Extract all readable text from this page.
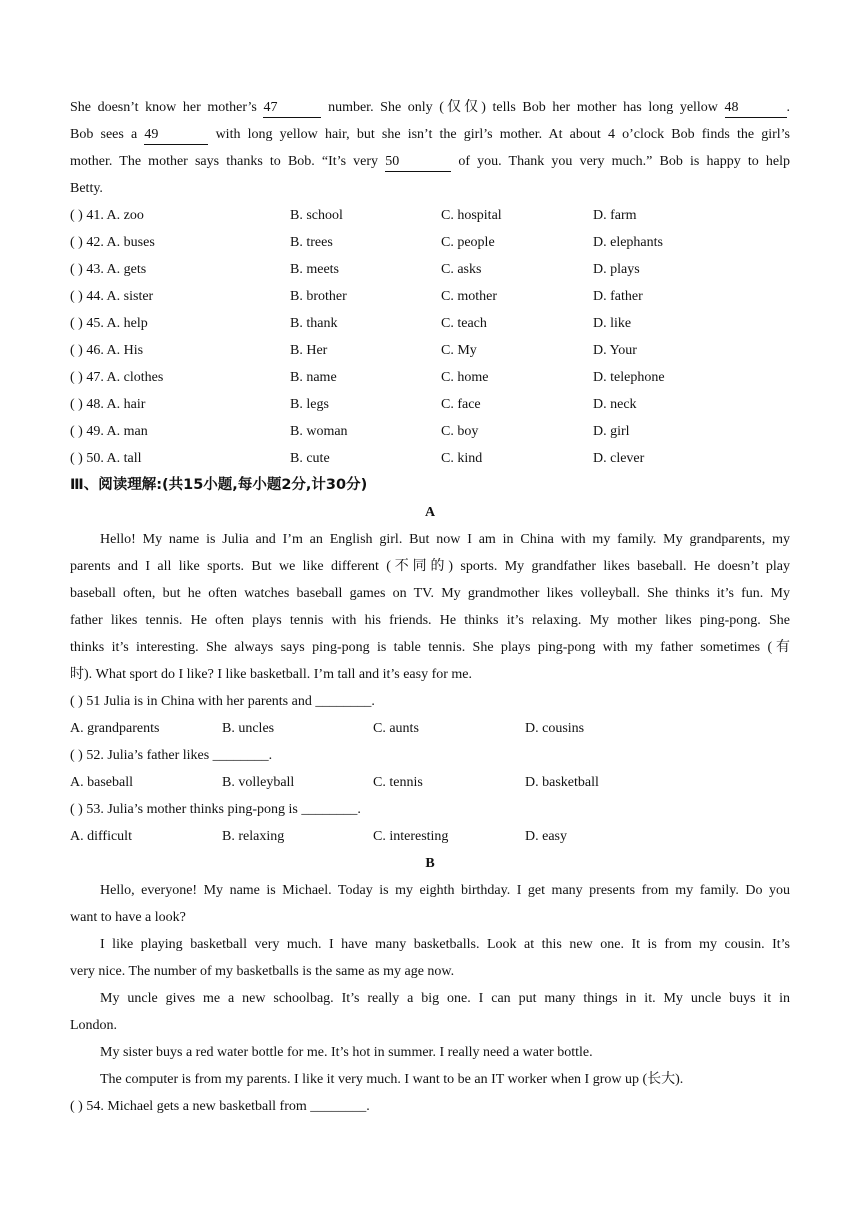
She doesn’t know her mother’s 47	number. She only (仅仅) tells Bob her mother has long yellow 48	.
Bob sees a 49	with long yellow hair, but she isn’t the girl’s mother. At about 4 o’clock Bob finds the girl’s
mother. The mother says thanks to Bob. “It’s very 50	of you. Thank you very much.” Bob is happy to help
Betty.
( ) 41. A. zoo	B. school	C. hospital	D. farm
( ) 42. A. buses	B. trees	C. people	D. elephants
( ) 43. A. gets	B. meets	C. asks	D. plays
( ) 44. A. sister	B. brother	C. mother	D. father
( ) 45. A. help	B. thank	C. teach	D. like
( ) 46. A. His	B. Her	C. My	D. Your
( ) 47. A. clothes	B. name	C. home	D. telephone
( ) 48. A. hair	B. legs	C. face	D. neck
( ) 49. A. man	B. woman	C. boy	D. girl
( ) 50. A. tall	B. cute	C. kind	D. clever
Ⅲ、阅读理解:(共15小题,每小题2分,计30分)
A
Hello! My name is Julia and I’m an English girl. But now I am in China with my family. My grandparents, my
parents and I all like sports. But we like different (不同的) sports. My grandfather likes baseball. He doesn’t play
baseball often, but he often watches baseball games on TV. My grandmother likes volleyball. She thinks it’s fun. My
father likes tennis. He often plays tennis with his friends. He thinks it’s relaxing. My mother likes ping-pong. She
thinks it’s interesting. She always says ping-pong is table tennis. She plays ping-pong with my father sometimes (有
时). What sport do I like? I like basketball. I’m tall and it’s easy for me.
( ) 51 Julia is in China with her parents and ________.
A. grandparents	B. uncles	C. aunts	D. cousins
( ) 52. Julia’s father likes ________.
A. baseball	B. volleyball	C. tennis	D. basketball
( ) 53. Julia’s mother thinks ping-pong is ________.
A. difficult	B. relaxing	C. interesting	D. easy
B
Hello, everyone! My name is Michael. Today is my eighth birthday. I get many presents from my family. Do you
want to have a look?
I like playing basketball very much. I have many basketballs. Look at this new one. It is from my cousin. It’s
very nice. The number of my basketballs is the same as my age now.
My uncle gives me a new schoolbag. It’s really a big one. I can put many things in it. My uncle buys it in
London.
My sister buys a red water bottle for me. It’s hot in summer. I really need a water bottle.
The computer is from my parents. I like it very much. I want to be an IT worker when I grow up (长大).
( ) 54. Michael gets a new basketball from ________.
